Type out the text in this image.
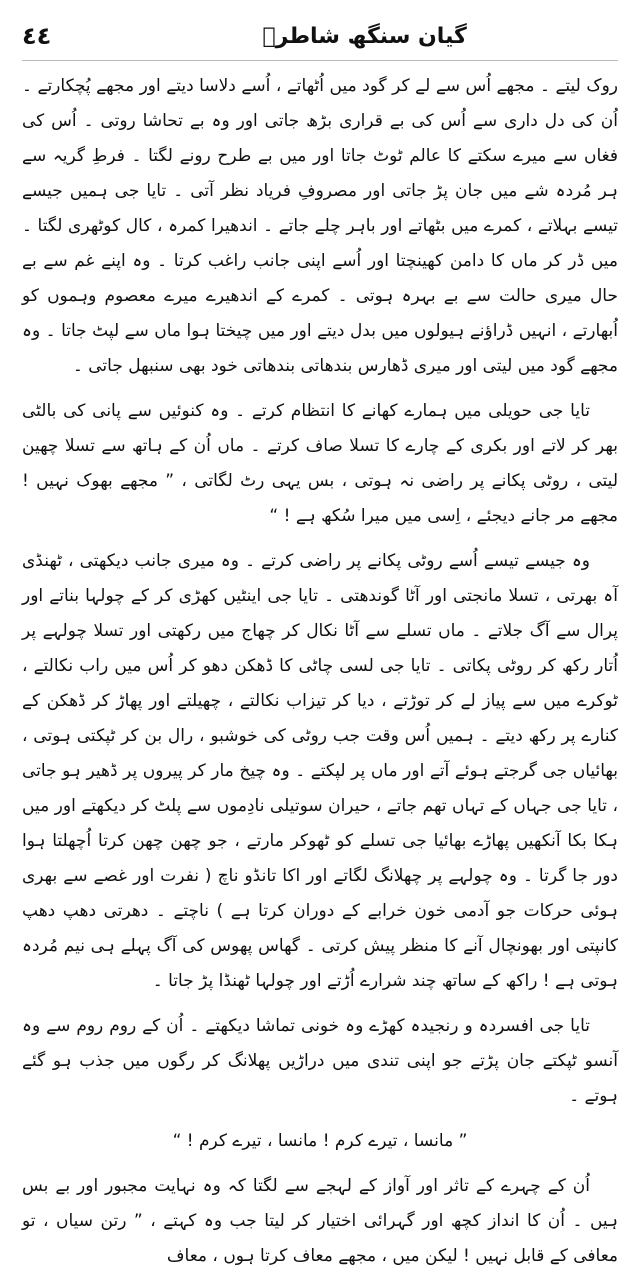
گیان سنگھ شاطرؔ
٤٤

روک لیتے ۔ مجھے اُس سے لے کر گود میں اُٹھاتے ، اُسے دلاسا دیتے اور مجھے پُچکارتے ۔ اُن کی دل داری سے اُس کی بے قراری بڑھ جاتی اور وہ بے تحاشا روتی ۔ اُس کی فغاں سے میرے سکتے کا عالم ٹوٹ جاتا اور میں بے طرح رونے لگتا ۔ فرطِ گریہ سے ہر مُردہ شے میں جان پڑ جاتی اور مصروفِ فریاد نظر آتی ۔ تایا جی ہمیں جیسے تیسے بہلاتے ، کمرے میں بٹھاتے اور باہر چلے جاتے ۔ اندھیرا کمرہ ، کال کوٹھری لگتا ۔ میں ڈر کر ماں کا دامن کھینچتا اور اُسے اپنی جانب راغب کرتا ۔ وہ اپنے غم سے بے حال میری حالت سے بے بہرہ ہوتی ۔ کمرے کے اندھیرے میرے معصوم وہموں کو اُبھارتے ، انہیں ڈراؤنے ہیولوں میں بدل دیتے اور میں چیختا ہوا ماں سے لپٹ جاتا ۔ وہ مجھے گود میں لیتی اور میری ڈھارس بندھاتی بندھاتی خود بھی سنبھل جاتی ۔

تایا جی حویلی میں ہمارے کھانے کا انتظام کرتے ۔ وہ کنوئیں سے پانی کی بالٹی بھر کر لاتے اور بکری کے چارے کا تسلا صاف کرتے ۔ ماں اُن کے ہاتھ سے تسلا چھین لیتی ، روٹی پکانے پر راضی نہ ہوتی ، بس یہی رٹ لگاتی ، ” مجھے بھوک نہیں ! مجھے مر جانے دیجئے ، اِسی میں میرا سُکھ ہے ! “

وہ جیسے تیسے اُسے روٹی پکانے پر راضی کرتے ۔ وہ میری جانب دیکھتی ، ٹھنڈی آہ بھرتی ، تسلا مانجتی اور آٹا گوندھتی ۔ تایا جی اینٹیں کھڑی کر کے چولہا بناتے اور پرال سے آگ جلاتے ۔ ماں تسلے سے آٹا نکال کر چھاج میں رکھتی اور تسلا چولہے پر اُتار رکھ کر روٹی پکاتی ۔ تایا جی لسی چاٹی کا ڈھکن دھو کر اُس میں راب نکالتے ، ٹوکرے میں سے پیاز لے کر توڑتے ، دیا کر تیزاب نکالتے ، چھیلتے اور پھاڑ کر ڈھکن کے کنارے پر رکھ دیتے ۔ ہمیں اُس وقت جب روٹی کی خوشبو ، رال بن کر ٹپکتی ہوتی ، بھائیاں جی گرجتے ہوئے آتے اور ماں پر لپکتے ۔ وہ چیخ مار کر پیروں پر ڈھیر ہو جاتی ، تایا جی جہاں کے تہاں تھم جاتے ، حیران سوتیلی نادِموں سے پلٹ کر دیکھتے اور میں ہکا بکا آنکھیں پھاڑے بھائیا جی تسلے کو ٹھوکر مارتے ، جو چھن چھن کرتا اُچھلتا ہوا دور جا گرتا ۔ وہ چولہے پر چھلانگ لگاتے اور اکا تانڈو ناچ ( نفرت اور غصے سے بھری ہوئی حرکات جو آدمی خون خرابے کے دوران کرتا ہے ) ناچتے ۔ دھرتی دھپ دھپ کانپتی اور بھونچال آنے کا منظر پیش کرتی ۔ گھاس پھوس کی آگ پہلے ہی نیم مُردہ ہوتی ہے ! راکھ کے ساتھ چند شرارے اُڑتے اور چولہا ٹھنڈا پڑ جاتا ۔

تایا جی افسردہ و رنجیدہ کھڑے وہ خونی تماشا دیکھتے ۔ اُن کے روم روم سے وہ آنسو ٹپکتے جان پڑتے جو اپنی تندی میں دراڑیں پھلانگ کر رگوں میں جذب ہو گئے ہوتے ۔

” مانسا ، تیرے کرم ! مانسا ، تیرے کرم ! “

اُن کے چہرے کے تاثر اور آواز کے لہجے سے لگتا کہ وہ نہایت مجبور اور بے بس ہیں ۔ اُن کا انداز کچھ اور گہرائی اختیار کر لیتا جب وہ کہتے ، ” رتن سیاں ، تو معافی کے قابل نہیں ! لیکن میں ، مجھے معاف کرتا ہوں ، معاف
